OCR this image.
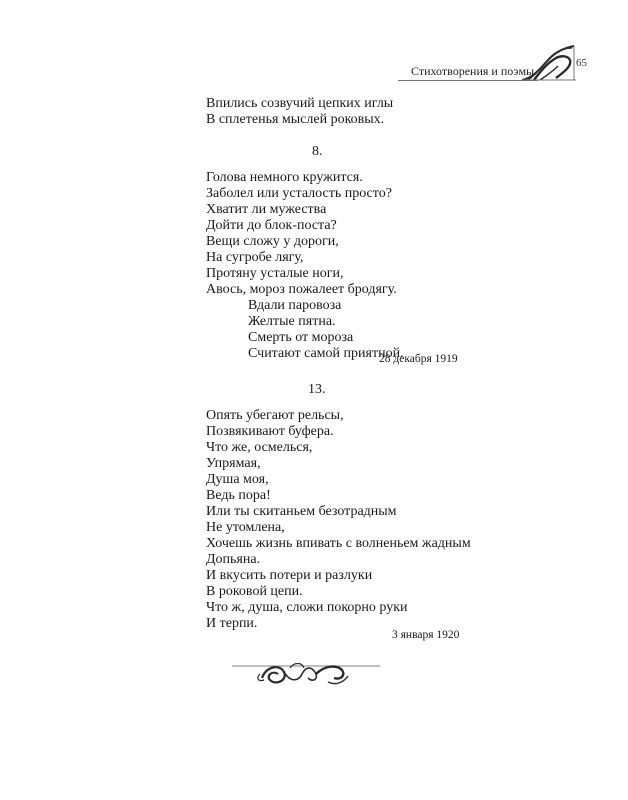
Стихотворения и поэмы
65

Впились созвучий цепких иглы

В сплетенья мыслей роковых.

8.

Голова немного кружится.

Заболел или усталость просто?

Хватит ли мужества

Дойти до блок-поста?

Вещи сложу у дороги,

На сугробе лягу,

Протяну усталые ноги,

Авось, мороз пожалеет бродягу.

Вдали паровоза

Желтые пятна.

Смерть от мороза

Считают самой приятной.

28 декабря 1919

13.

Опять убегают рельсы,

Позвякивают буфера.

Что же, осмелься,

Упрямая,

Душа моя,

Ведь пора!

Или ты скитаньем безотрадным

Не утомлена,

Хочешь жизнь впивать с волненьем жадным

Допьяна.

И вкусить потери и разлуки

В роковой цепи.

Что ж, душа, сложи покорно руки

И терпи.

3 января 1920
